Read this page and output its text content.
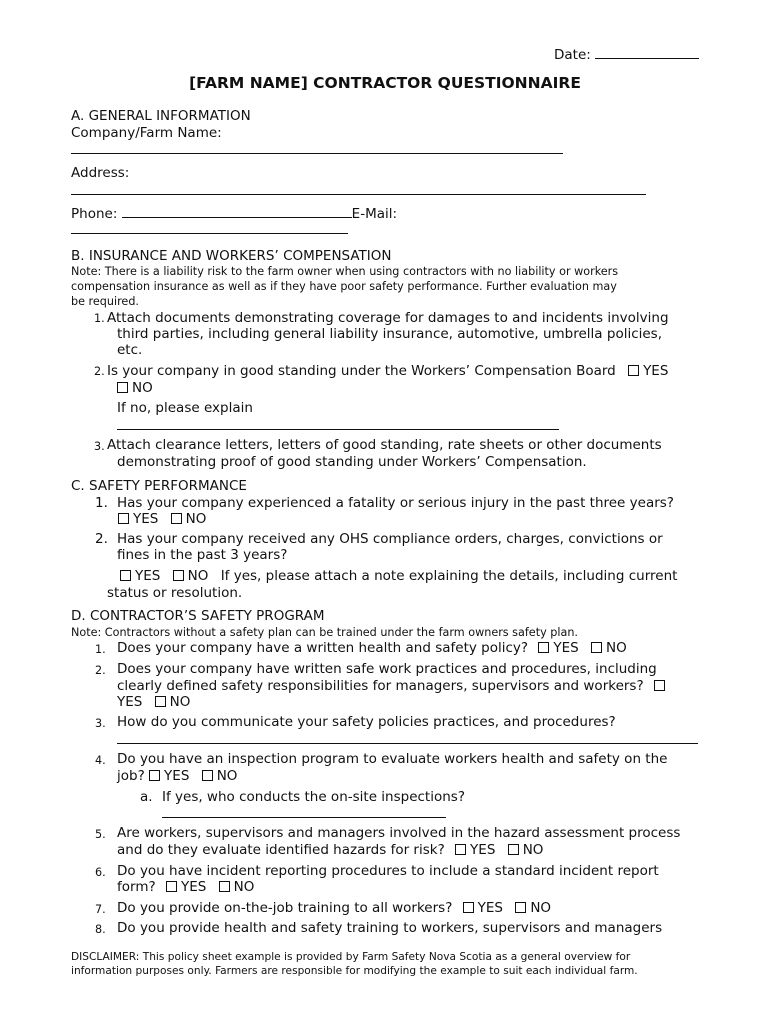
Date:
[FARM NAME] CONTRACTOR QUESTIONNAIRE
A. GENERAL INFORMATION
Company/Farm Name:
Address:
Phone:	E-Mail:
B. INSURANCE AND WORKERS’ COMPENSATION
Note: There is a liability risk to the farm owner when using contractors with no liability or workers
compensation insurance as well as if they have poor safety performance. Further evaluation may
be required.
1. Attach documents demonstrating coverage for damages to and incidents involving
third parties, including general liability insurance, automotive, umbrella policies,
etc.
2. Is your company in good standing under the Workers’ Compensation Board YES
NO
If no, please explain
3. Attach clearance letters, letters of good standing, rate sheets or other documents
demonstrating proof of good standing under Workers’ Compensation.
C. SAFETY PERFORMANCE
1. Has your company experienced a fatality or serious injury in the past three years?
YES NO
2. Has your company received any OHS compliance orders, charges, convictions or
fines in the past 3 years?
YES NO If yes, please attach a note explaining the details, including current
status or resolution.
D. CONTRACTOR’S SAFETY PROGRAM
Note: Contractors without a safety plan can be trained under the farm owners safety plan.
1. Does your company have a written health and safety policy? YES NO
2. Does your company have written safe work practices and procedures, including
clearly defined safety responsibilities for managers, supervisors and workers?
YES NO
3. How do you communicate your safety policies practices, and procedures?
4. Do you have an inspection program to evaluate workers health and safety on the
job? YES NO
a. If yes, who conducts the on-site inspections?
5. Are workers, supervisors and managers involved in the hazard assessment process
and do they evaluate identified hazards for risk? YES NO
6. Do you have incident reporting procedures to include a standard incident report
form? YES NO
7. Do you provide on-the-job training to all workers? YES NO
8. Do you provide health and safety training to workers, supervisors and managers
DISCLAIMER: This policy sheet example is provided by Farm Safety Nova Scotia as a general overview for
information purposes only. Farmers are responsible for modifying the example to suit each individual farm.
